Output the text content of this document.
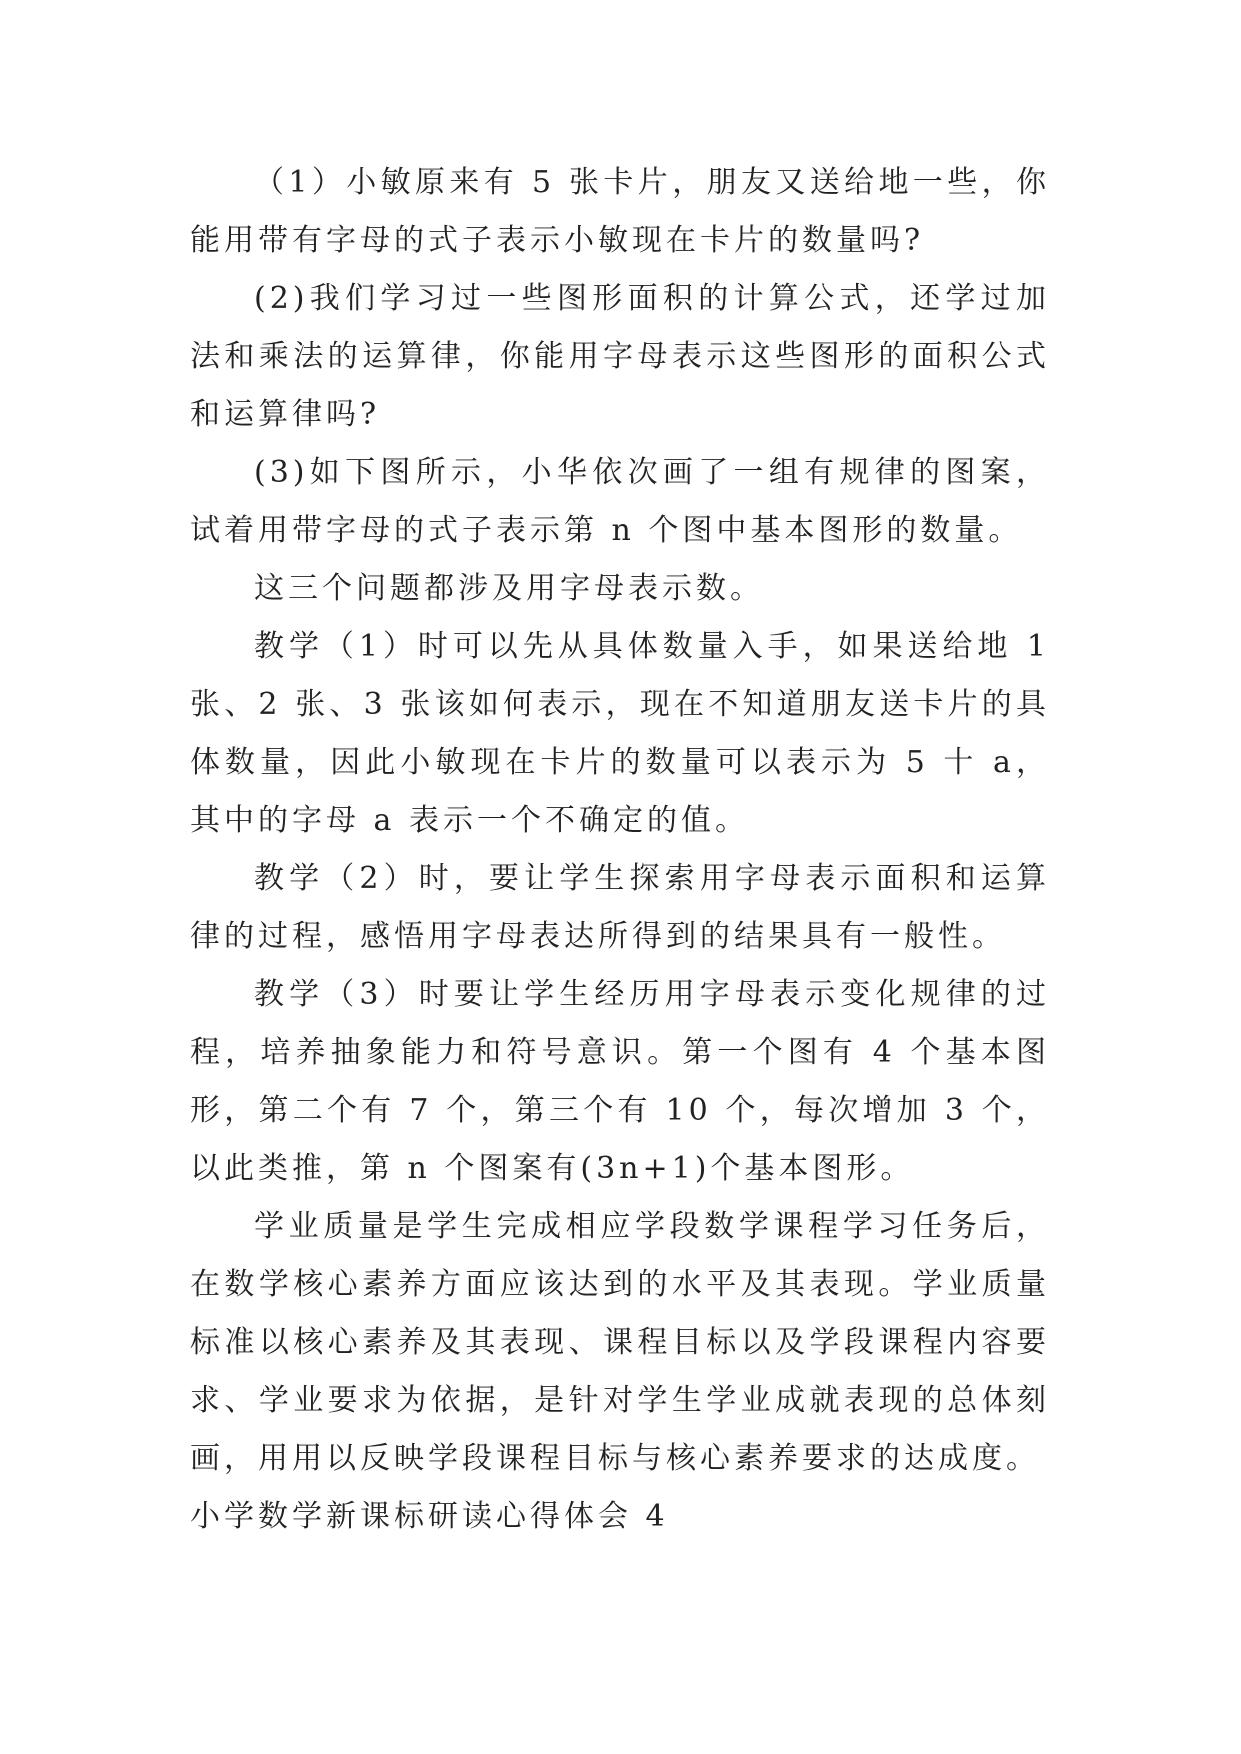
（1）小敏原来有 5 张卡片，朋友又送给地一些，你能用带有字母的式子表示小敏现在卡片的数量吗?

(2)我们学习过一些图形面积的计算公式，还学过加法和乘法的运算律，你能用字母表示这些图形的面积公式和运算律吗?

(3)如下图所示，小华依次画了一组有规律的图案，试着用带字母的式子表示第 n 个图中基本图形的数量。

这三个问题都涉及用字母表示数。

教学（1）时可以先从具体数量入手，如果送给地 1 张、2 张、3 张该如何表示，现在不知道朋友送卡片的具体数量，因此小敏现在卡片的数量可以表示为 5 十 a，其中的字母 a 表示一个不确定的值。

教学（2）时，要让学生探索用字母表示面积和运算律的过程，感悟用字母表达所得到的结果具有一般性。

教学（3）时要让学生经历用字母表示变化规律的过程，培养抽象能力和符号意识。第一个图有 4 个基本图形，第二个有 7 个，第三个有 10 个，每次增加 3 个，以此类推，第 n 个图案有(3n+1)个基本图形。

学业质量是学生完成相应学段数学课程学习任务后，在数学核心素养方面应该达到的水平及其表现。学业质量标准以核心素养及其表现、课程目标以及学段课程内容要求、学业要求为依据，是针对学生学业成就表现的总体刻画，用用以反映学段课程目标与核心素养要求的达成度。

小学数学新课标研读心得体会 4
